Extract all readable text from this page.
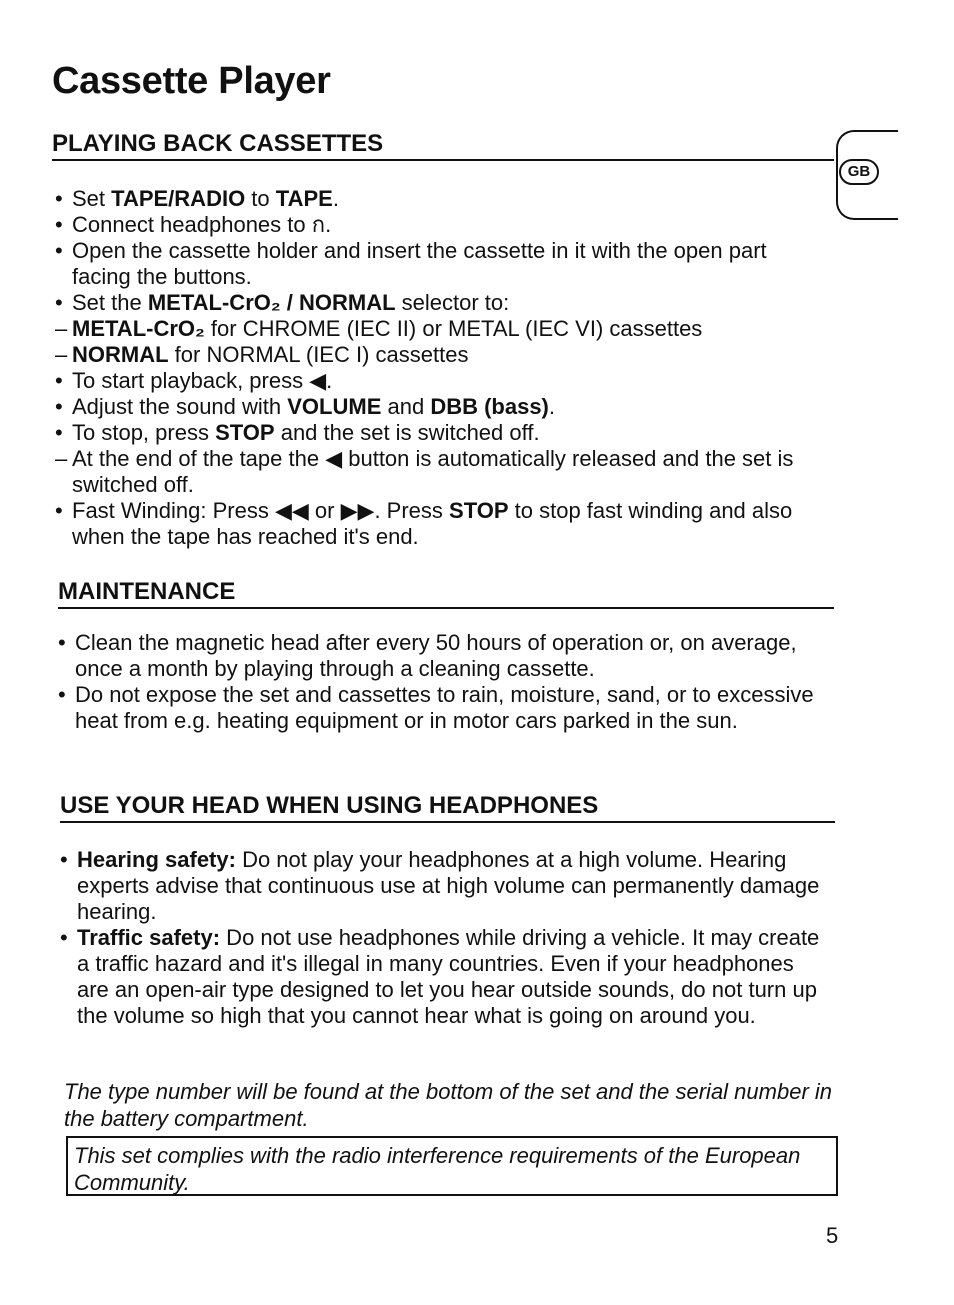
Cassette Player
GB
PLAYING BACK CASSETTES
• Set TAPE/RADIO to TAPE.
• Connect headphones to ก.
• Open the cassette holder and insert the cassette in it with the open part facing the buttons.
• Set the METAL-CrO₂ / NORMAL selector to:
– METAL-CrO₂ for CHROME (IEC II) or METAL (IEC VI) cassettes
– NORMAL for NORMAL (IEC I) cassettes
• To start playback, press ◀.
• Adjust the sound with VOLUME and DBB (bass).
• To stop, press STOP and the set is switched off.
– At the end of the tape the ◀ button is automatically released and the set is switched off.
• Fast Winding: Press ◀◀ or ▶▶. Press STOP to stop fast winding and also when the tape has reached it's end.
MAINTENANCE
• Clean the magnetic head after every 50 hours of operation or, on average, once a month by playing through a cleaning cassette.
• Do not expose the set and cassettes to rain, moisture, sand, or to excessive heat from e.g. heating equipment or in motor cars parked in the sun.
USE YOUR HEAD WHEN USING HEADPHONES
• Hearing safety: Do not play your headphones at a high volume. Hearing experts advise that continuous use at high volume can permanently damage hearing.
• Traffic safety: Do not use headphones while driving a vehicle. It may create a traffic hazard and it's illegal in many countries. Even if your headphones are an open-air type designed to let you hear outside sounds, do not turn up the volume so high that you cannot hear what is going on around you.

The type number will be found at the bottom of the set and the serial number in the battery compartment.

This set complies with the radio interference requirements of the European Community.

5
